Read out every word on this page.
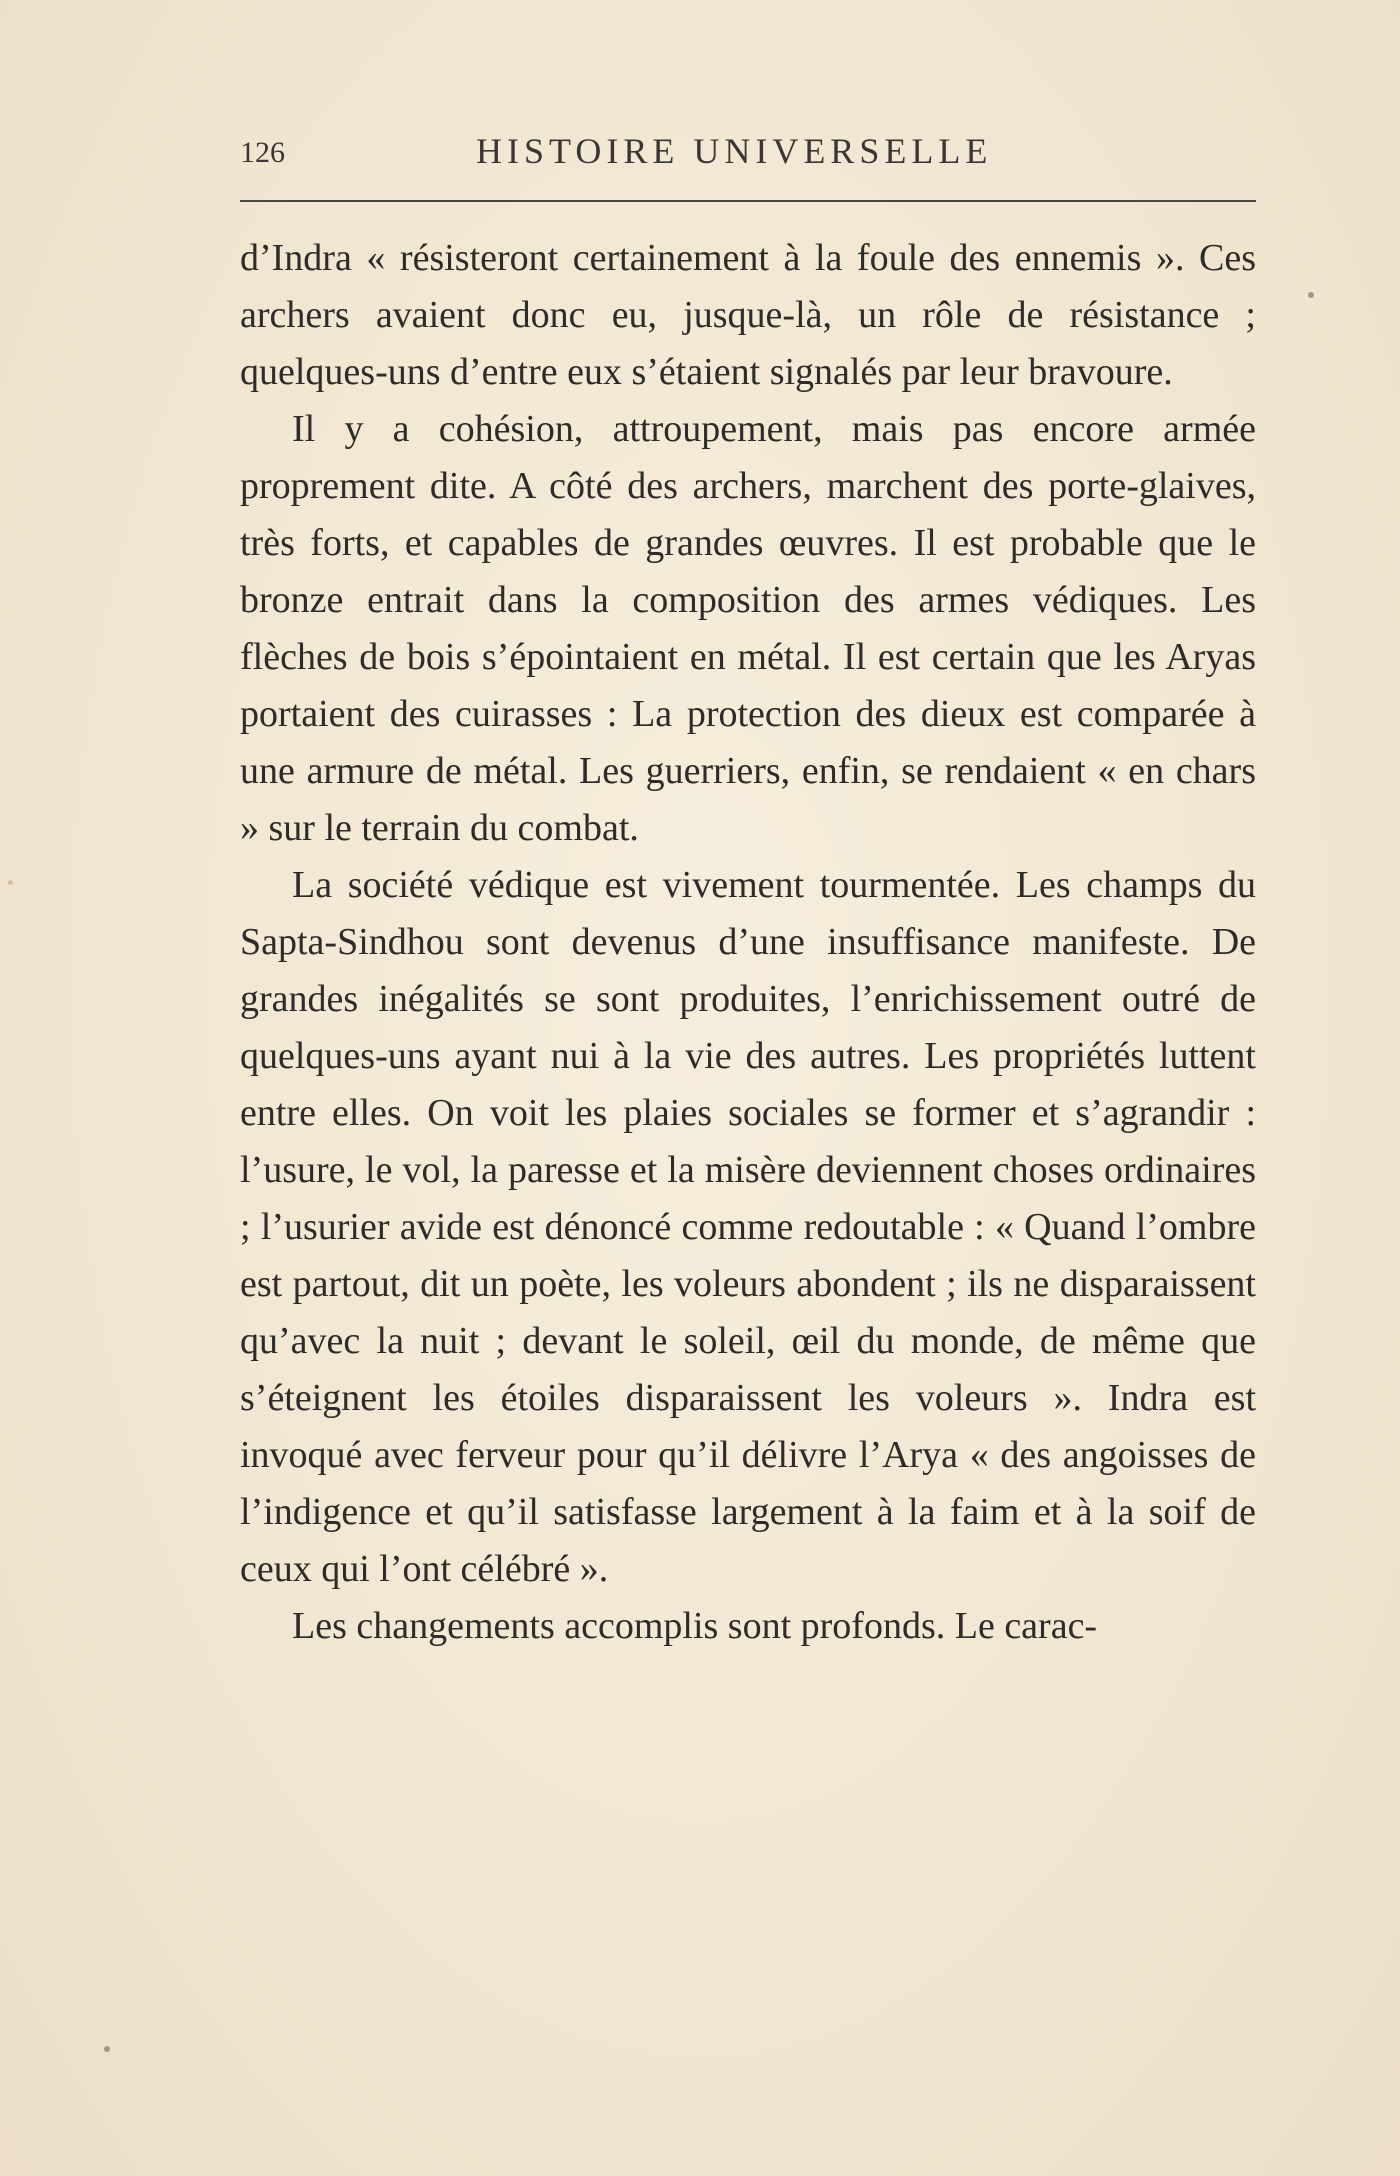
126	HISTOIRE UNIVERSELLE

d’Indra « résisteront certainement à la foule des ennemis ». Ces archers avaient donc eu, jusque-là, un rôle de résistance ; quelques-uns d’entre eux s’étaient signalés par leur bravoure.

Il y a cohésion, attroupement, mais pas encore armée proprement dite. A côté des archers, marchent des porte-glaives, très forts, et capables de grandes œuvres. Il est probable que le bronze entrait dans la composition des armes védiques. Les flèches de bois s’épointaient en métal. Il est certain que les Aryas portaient des cuirasses : La protection des dieux est comparée à une armure de métal. Les guerriers, enfin, se rendaient « en chars » sur le terrain du combat.

La société védique est vivement tourmentée. Les champs du Sapta-Sindhou sont devenus d’une insuffisance manifeste. De grandes inégalités se sont produites, l’enrichissement outré de quelques-uns ayant nui à la vie des autres. Les propriétés luttent entre elles. On voit les plaies sociales se former et s’agrandir : l’usure, le vol, la paresse et la misère deviennent choses ordinaires ; l’usurier avide est dénoncé comme redoutable : « Quand l’ombre est partout, dit un poète, les voleurs abondent ; ils ne disparaissent qu’avec la nuit ; devant le soleil, œil du monde, de même que s’éteignent les étoiles disparaissent les voleurs ». Indra est invoqué avec ferveur pour qu’il délivre l’Arya « des angoisses de l’indigence et qu’il satisfasse largement à la faim et à la soif de ceux qui l’ont célébré ».

Les changements accomplis sont profonds. Le carac-
